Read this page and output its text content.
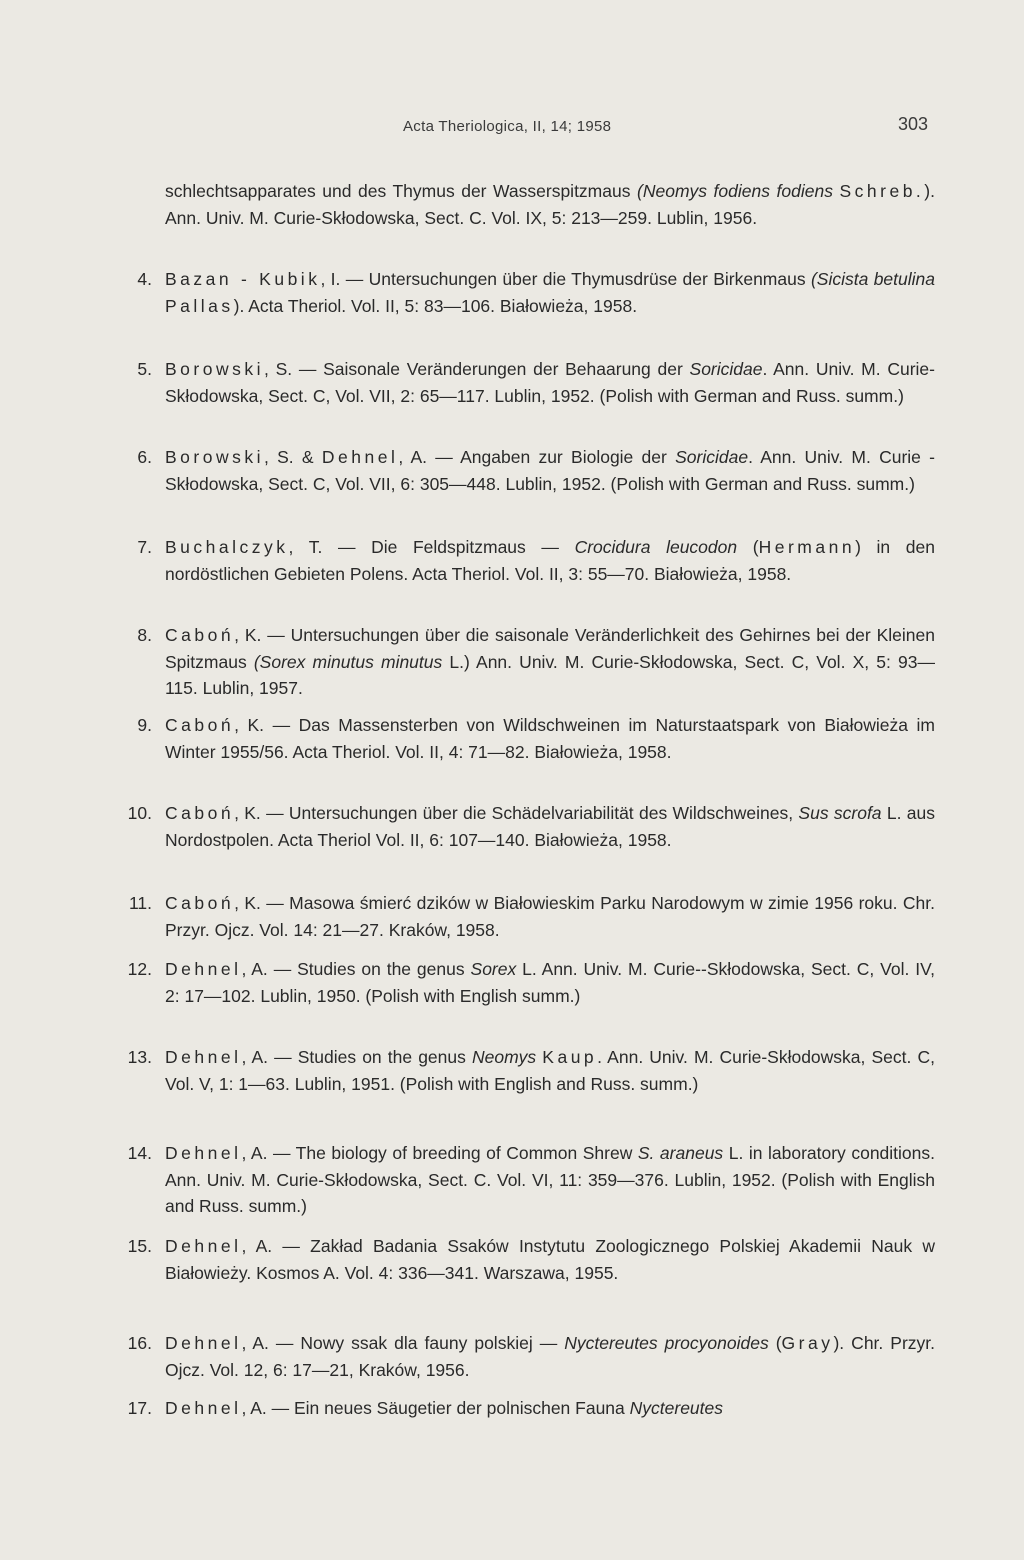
Acta Theriologica, II, 14; 1958	303
schlechtsapparates und des Thymus der Wasserspitzmaus (Neomys fodiens fodiens Schreb.). Ann. Univ. M. Curie-Skłodowska, Sect. C. Vol. IX, 5: 213—259. Lublin, 1956.
4. Bazan - Kubik, I. — Untersuchungen über die Thymusdrüse der Birkenmaus (Sicista betulina Pallas). Acta Theriol. Vol. II, 5: 83—106. Białowieża, 1958.
5. Borowski, S. — Saisonale Veränderungen der Behaarung der Soricidae. Ann. Univ. M. Curie-Skłodowska, Sect. C, Vol. VII, 2: 65—117. Lublin, 1952. (Polish with German and Russ. summ.)
6. Borowski, S. & Dehnel, A. — Angaben zur Biologie der Soricidae. Ann. Univ. M. Curie - Skłodowska, Sect. C, Vol. VII, 6: 305—448. Lublin, 1952. (Polish with German and Russ. summ.)
7. Buchalczyk, T. — Die Feldspitzmaus — Crocidura leucodon (Hermann) in den nordöstlichen Gebieten Polens. Acta Theriol. Vol. II, 3: 55—70. Białowieża, 1958.
8. Caboń, K. — Untersuchungen über die saisonale Veränderlichkeit des Gehirnes bei der Kleinen Spitzmaus (Sorex minutus minutus L.) Ann. Univ. M. Curie-Skłodowska, Sect. C, Vol. X, 5: 93—115. Lublin, 1957.
9. Caboń, K. — Das Massensterben von Wildschweinen im Naturstaatspark von Białowieża im Winter 1955/56. Acta Theriol. Vol. II, 4: 71—82. Białowieża, 1958.
10. Caboń, K. — Untersuchungen über die Schädelvariabilität des Wildschweines, Sus scrofa L. aus Nordostpolen. Acta Theriol Vol. II, 6: 107—140. Białowieża, 1958.
11. Caboń, K. — Masowa śmierć dzików w Białowieskim Parku Narodowym w zimie 1956 roku. Chr. Przyr. Ojcz. Vol. 14: 21—27. Kraków, 1958.
12. Dehnel, A. — Studies on the genus Sorex L. Ann. Univ. M. Curie--Skłodowska, Sect. C, Vol. IV, 2: 17—102. Lublin, 1950. (Polish with English summ.)
13. Dehnel, A. — Studies on the genus Neomys Kaup. Ann. Univ. M. Curie-Skłodowska, Sect. C, Vol. V, 1: 1—63. Lublin, 1951. (Polish with English and Russ. summ.)
14. Dehnel, A. — The biology of breeding of Common Shrew S. araneus L. in laboratory conditions. Ann. Univ. M. Curie-Skłodowska, Sect. C. Vol. VI, 11: 359—376. Lublin, 1952. (Polish with English and Russ. summ.)
15. Dehnel, A. — Zakład Badania Ssaków Instytutu Zoologicznego Polskiej Akademii Nauk w Białowieży. Kosmos A. Vol. 4: 336—341. Warszawa, 1955.
16. Dehnel, A. — Nowy ssak dla fauny polskiej — Nyctereutes procyonoides (Gray). Chr. Przyr. Ojcz. Vol. 12, 6: 17—21, Kraków, 1956.
17. Dehnel, A. — Ein neues Säugetier der polnischen Fauna Nyctereutes
